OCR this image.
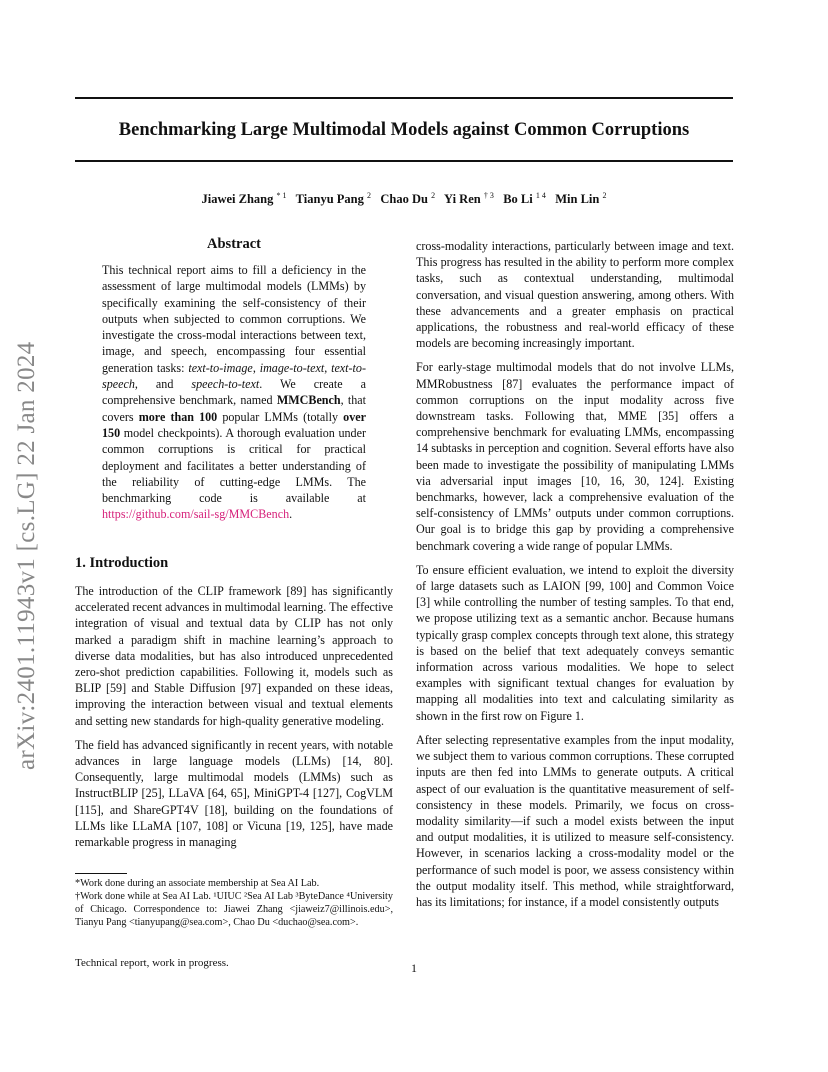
Benchmarking Large Multimodal Models against Common Corruptions
Jiawei Zhang $^{* 1}$ Tianyu Pang $^2$ Chao Du $^2$ Yi Ren $^{\dagger 3}$ Bo Li $^{1 4}$ Min Lin $^2$
arXiv:2401.11943v1 [cs.LG] 22 Jan 2024
Abstract
This technical report aims to fill a deficiency in the assessment of large multimodal models (LMMs) by specifically examining the self-consistency of their outputs when subjected to common corruptions. We investigate the cross-modal interactions between text, image, and speech, encompassing four essential generation tasks: text-to-image, image-to-text, text-to-speech, and speech-to-text. We create a comprehensive benchmark, named MMCBench, that covers more than 100 popular LMMs (totally over 150 model checkpoints). A thorough evaluation under common corruptions is critical for practical deployment and facilitates a better understanding of the reliability of cutting-edge LMMs. The benchmarking code is available at https://github.com/sail-sg/MMCBench.
1. Introduction

The introduction of the CLIP framework [89] has significantly accelerated recent advances in multimodal learning. The effective integration of visual and textual data by CLIP has not only marked a paradigm shift in machine learning’s approach to diverse data modalities, but has also introduced unprecedented zero-shot prediction capabilities. Following it, models such as BLIP [59] and Stable Diffusion [97] expanded on these ideas, improving the interaction between visual and textual elements and setting new standards for high-quality generative modeling.

The field has advanced significantly in recent years, with notable advances in large language models (LLMs) [14, 80]. Consequently, large multimodal models (LMMs) such as InstructBLIP [25], LLaVA [64, 65], MiniGPT-4 [127], CogVLM [115], and ShareGPT4V [18], building on the foundations of LLMs like LLaMA [107, 108] or Vicuna [19, 125], have made remarkable progress in managing

*Work done during an associate membership at Sea AI Lab.
†Work done while at Sea AI Lab. ¹UIUC ²Sea AI Lab ³ByteDance ⁴University of Chicago. Correspondence to: Jiawei Zhang <jiaweiz7@illinois.edu>, Tianyu Pang <tianyupang@sea.com>, Chao Du <duchao@sea.com>.
Technical report, work in progress.

cross-modality interactions, particularly between image and text. This progress has resulted in the ability to perform more complex tasks, such as contextual understanding, multimodal conversation, and visual question answering, among others. With these advancements and a greater emphasis on practical applications, the robustness and real-world efficacy of these models are becoming increasingly important.

For early-stage multimodal models that do not involve LLMs, MMRobustness [87] evaluates the performance impact of common corruptions on the input modality across five downstream tasks. Following that, MME [35] offers a comprehensive benchmark for evaluating LMMs, encompassing 14 subtasks in perception and cognition. Several efforts have also been made to investigate the possibility of manipulating LMMs via adversarial input images [10, 16, 30, 124]. Existing benchmarks, however, lack a comprehensive evaluation of the self-consistency of LMMs’ outputs under common corruptions. Our goal is to bridge this gap by providing a comprehensive benchmark covering a wide range of popular LMMs.

To ensure efficient evaluation, we intend to exploit the diversity of large datasets such as LAION [99, 100] and Common Voice [3] while controlling the number of testing samples. To that end, we propose utilizing text as a semantic anchor. Because humans typically grasp complex concepts through text alone, this strategy is based on the belief that text adequately conveys semantic information across various modalities. We hope to select examples with significant textual changes for evaluation by mapping all modalities into text and calculating similarity as shown in the first row on Figure 1.

After selecting representative examples from the input modality, we subject them to various common corruptions. These corrupted inputs are then fed into LMMs to generate outputs. A critical aspect of our evaluation is the quantitative measurement of self-consistency in these models. Primarily, we focus on cross-modality similarity—if such a model exists between the input and output modalities, it is utilized to measure self-consistency. However, in scenarios lacking a cross-modality model or the performance of such model is poor, we assess consistency within the output modality itself. This method, while straightforward, has its limitations; for instance, if a model consistently outputs

1
